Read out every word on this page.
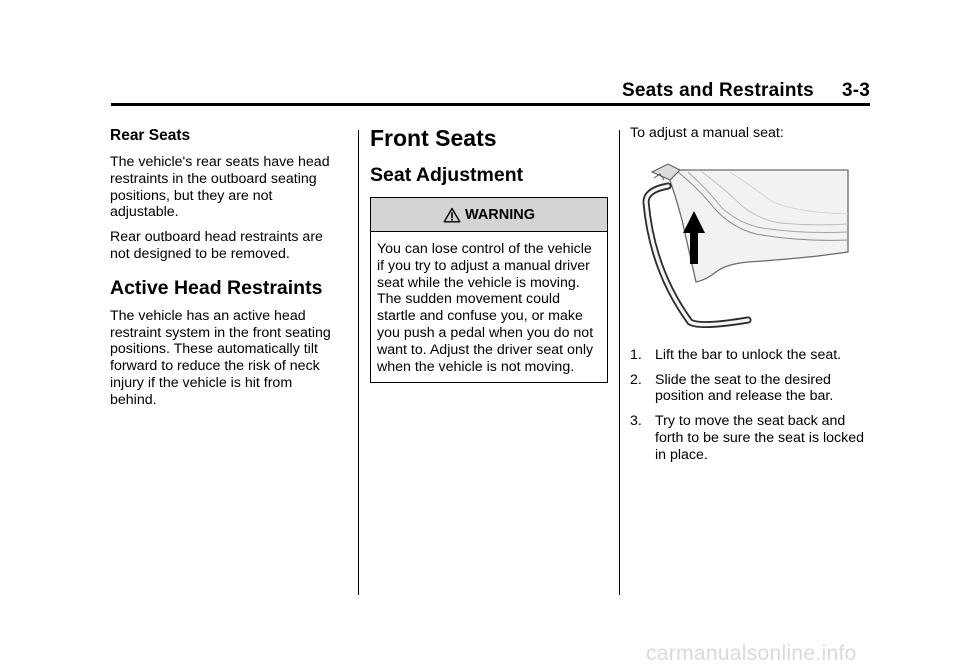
Seats and Restraints 3-3
Rear Seats

The vehicle's rear seats have head restraints in the outboard seating positions, but they are not adjustable.

Rear outboard head restraints are not designed to be removed.

Active Head Restraints

The vehicle has an active head restraint system in the front seating positions. These automatically tilt forward to reduce the risk of neck injury if the vehicle is hit from behind.

Front Seats
Seat Adjustment
WARNING

You can lose control of the vehicle if you try to adjust a manual driver seat while the vehicle is moving. The sudden movement could startle and confuse you, or make you push a pedal when you do not want to. Adjust the driver seat only when the vehicle is not moving.

To adjust a manual seat:

1. Lift the bar to unlock the seat.
2. Slide the seat to the desired position and release the bar.
3. Try to move the seat back and forth to be sure the seat is locked in place.
carmanualsonline.info
